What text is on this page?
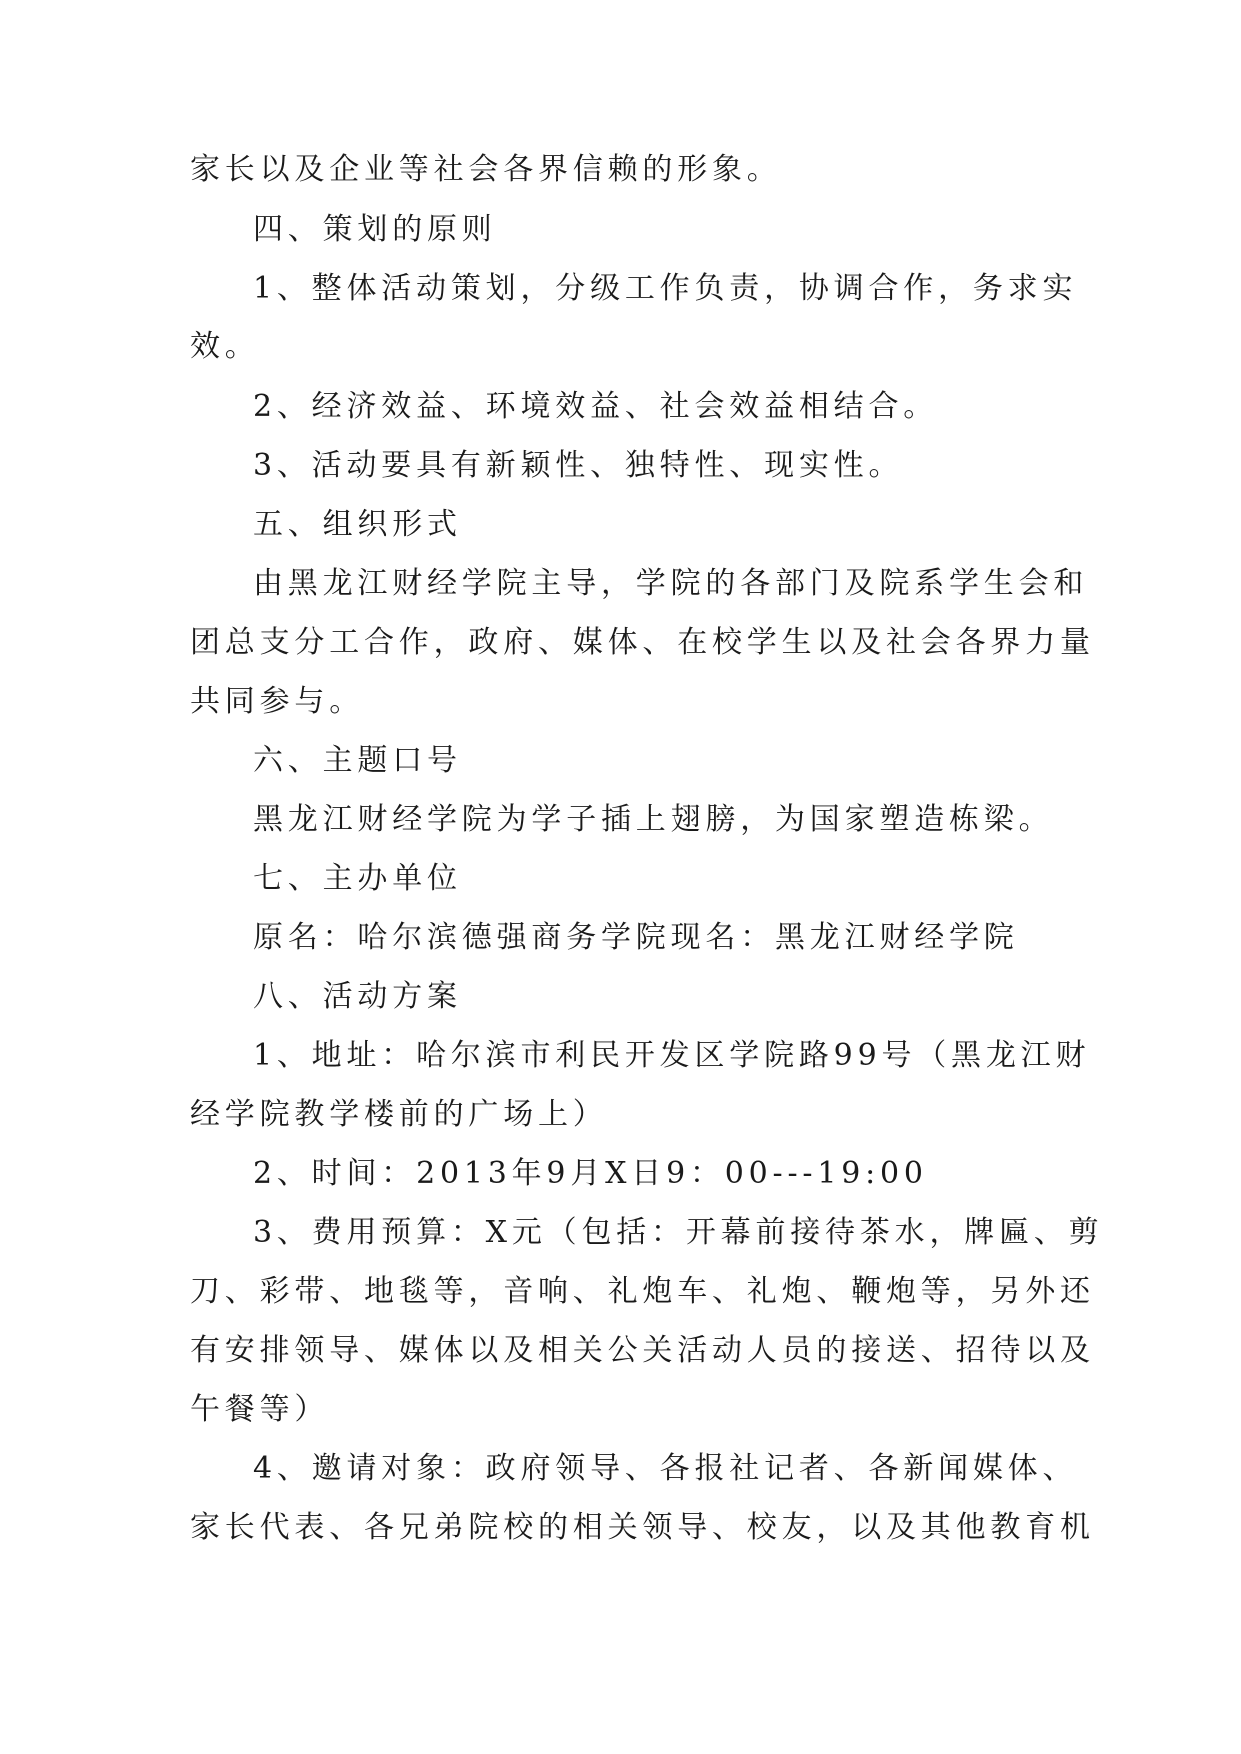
家长以及企业等社会各界信赖的形象。
四、策划的原则
1、整体活动策划，分级工作负责，协调合作，务求实
效。
2、经济效益、环境效益、社会效益相结合。
3、活动要具有新颖性、独特性、现实性。
五、组织形式
由黑龙江财经学院主导，学院的各部门及院系学生会和
团总支分工合作，政府、媒体、在校学生以及社会各界力量
共同参与。
六、主题口号
黑龙江财经学院为学子插上翅膀，为国家塑造栋梁。
七、主办单位
原名：哈尔滨德强商务学院现名：黑龙江财经学院
八、活动方案
1、地址：哈尔滨市利民开发区学院路99号（黑龙江财
经学院教学楼前的广场上）
2、时间：2013年9月X日9：00---19:00
3、费用预算：X元（包括：开幕前接待茶水，牌匾、剪
刀、彩带、地毯等，音响、礼炮车、礼炮、鞭炮等，另外还
有安排领导、媒体以及相关公关活动人员的接送、招待以及
午餐等）
4、邀请对象：政府领导、各报社记者、各新闻媒体、
家长代表、各兄弟院校的相关领导、校友，以及其他教育机
